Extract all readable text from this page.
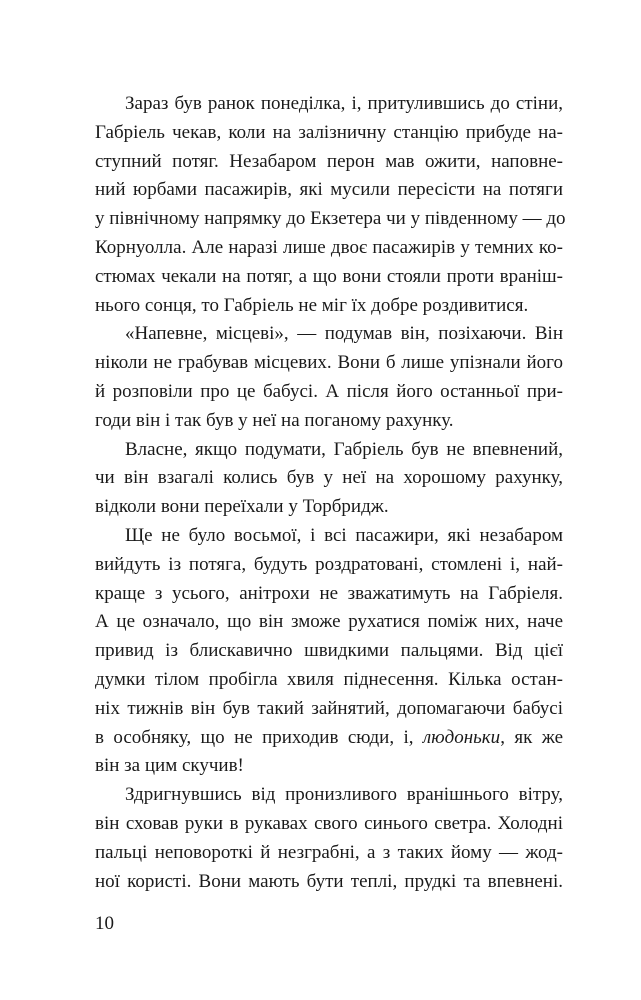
Зараз був ранок понеділка, і, притулившись до стіни,
Габріель чекав, коли на залізничну станцію прибуде на-
ступний потяг. Незабаром перон мав ожити, наповне-
ний юрбами пасажирів, які мусили пересісти на потяги
у північному напрямку до Екзетера чи у південному — до
Корнуолла. Але наразі лише двоє пасажирів у темних ко-
стюмах чекали на потяг, а що вони стояли проти враніш-
нього сонця, то Габріель не міг їх добре роздивитися.
«Напевне, місцеві», — подумав він, позіхаючи. Він
ніколи не грабував місцевих. Вони б лише упізнали його
й розповіли про це бабусі. А після його останньої при-
годи він і так був у неї на поганому рахунку.
Власне, якщо подумати, Габріель був не впевнений,
чи він взагалі колись був у неї на хорошому рахунку,
відколи вони переїхали у Торбридж.
Ще не було восьмої, і всі пасажири, які незабаром
вийдуть із потяга, будуть роздратовані, стомлені і, най-
краще з усього, анітрохи не зважатимуть на Габріеля.
А це означало, що він зможе рухатися поміж них, наче
привид із блискавично швидкими пальцями. Від цієї
думки тілом пробігла хвиля піднесення. Кілька остан-
ніх тижнів він був такий зайнятий, допомагаючи бабусі
в особняку, що не приходив сюди, і, людоньки, як же
він за цим скучив!
Здригнувшись від пронизливого вранішнього вітру,
він сховав руки в рукавах свого синього светра. Холодні
пальці неповороткі й незграбні, а з таких йому — жод-
ної користі. Вони мають бути теплі, прудкі та впевнені.
10
